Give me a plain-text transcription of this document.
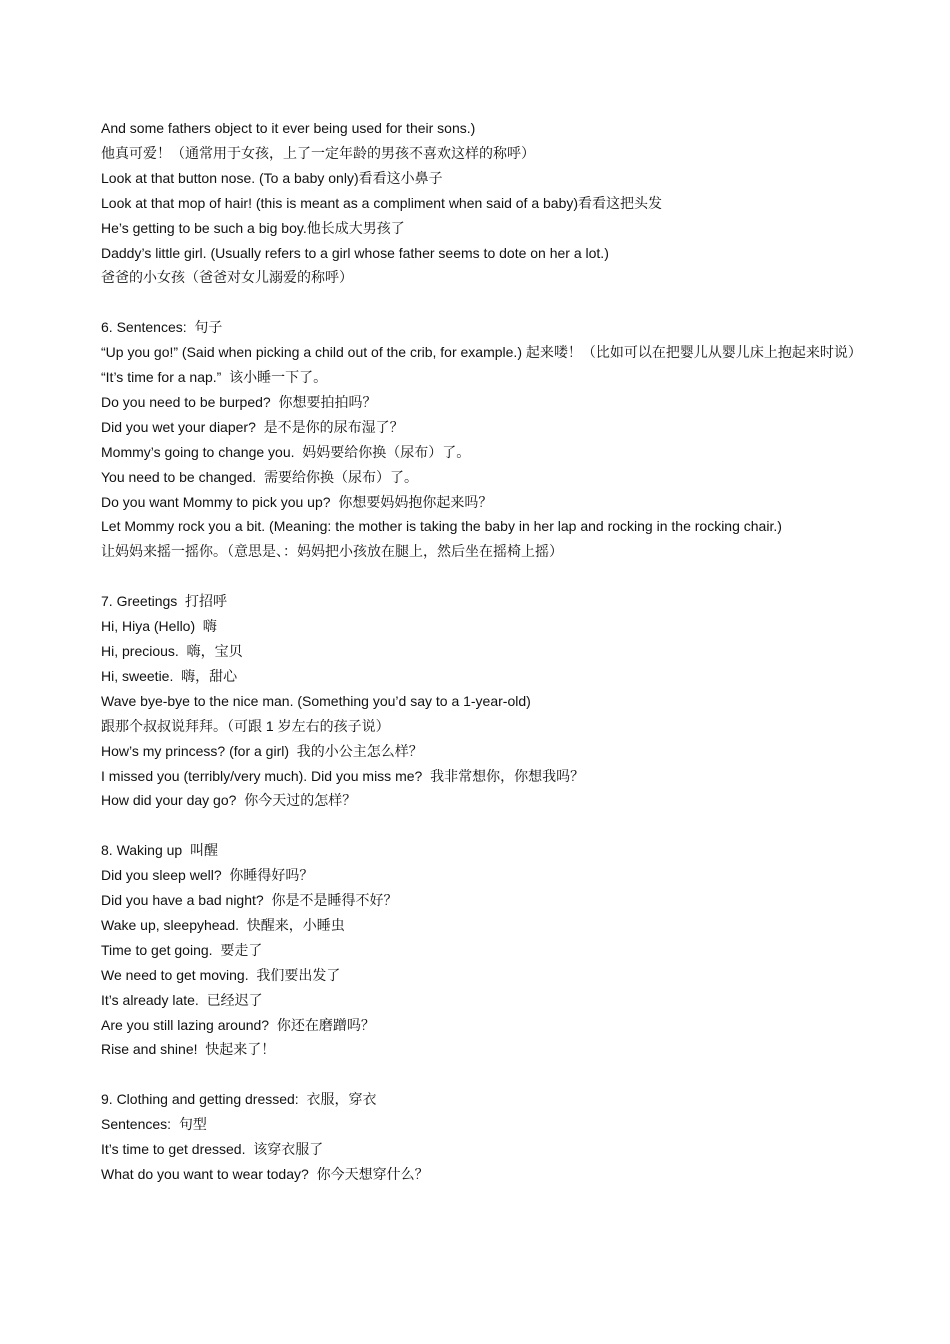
And some fathers object to it ever being used for their sons.)
他真可爱！（通常用于女孩，上了一定年龄的男孩不喜欢这样的称呼）
Look at that button nose. (To a baby only)看看这小鼻子
Look at that mop of hair! (this is meant as a compliment when said of a baby)看看这把头发
He’s getting to be such a big boy.他长成大男孩了
Daddy’s little girl. (Usually refers to a girl whose father seems to dote on her a lot.)
爸爸的小女孩（爸爸对女儿溺爱的称呼）
6. Sentences:  句子
“Up you go!” (Said when picking a child out of the crib, for example.) 起来喽！（比如可以在把婴儿从婴儿床上抱起来时说）
“It’s time for a nap.”  该小睡一下了。
Do you need to be burped?  你想要拍拍吗？
Did you wet your diaper?  是不是你的尿布湿了？
Mommy’s going to change you.  妈妈要给你换（尿布）了。
You need to be changed.  需要给你换（尿布）了。
Do you want Mommy to pick you up?  你想要妈妈抱你起来吗？
Let Mommy rock you a bit. (Meaning: the mother is taking the baby in her lap and rocking in the rocking chair.)
让妈妈来摇一摇你。（意思是、：妈妈把小孩放在腿上，然后坐在摇椅上摇）
7. Greetings  打招呼
Hi, Hiya (Hello)  嗨
Hi, precious.  嗨，宝贝
Hi, sweetie.  嗨，甜心
Wave bye-bye to the nice man. (Something you’d say to a 1-year-old)
跟那个叔叔说拜拜。（可跟 1 岁左右的孩子说）
How’s my princess? (for a girl)  我的小公主怎么样？
I missed you (terribly/very much). Did you miss me?  我非常想你，你想我吗？
How did your day go?  你今天过的怎样？
8. Waking up  叫醒
Did you sleep well?  你睡得好吗？
Did you have a bad night?  你是不是睡得不好？
Wake up, sleepyhead.  快醒来，小睡虫
Time to get going.  要走了
We need to get moving.  我们要出发了
It’s already late.  已经迟了
Are you still lazing around?  你还在磨蹭吗？
Rise and shine!  快起来了！
9. Clothing and getting dressed:  衣服，穿衣
Sentences:  句型
It’s time to get dressed.  该穿衣服了
What do you want to wear today?  你今天想穿什么？
